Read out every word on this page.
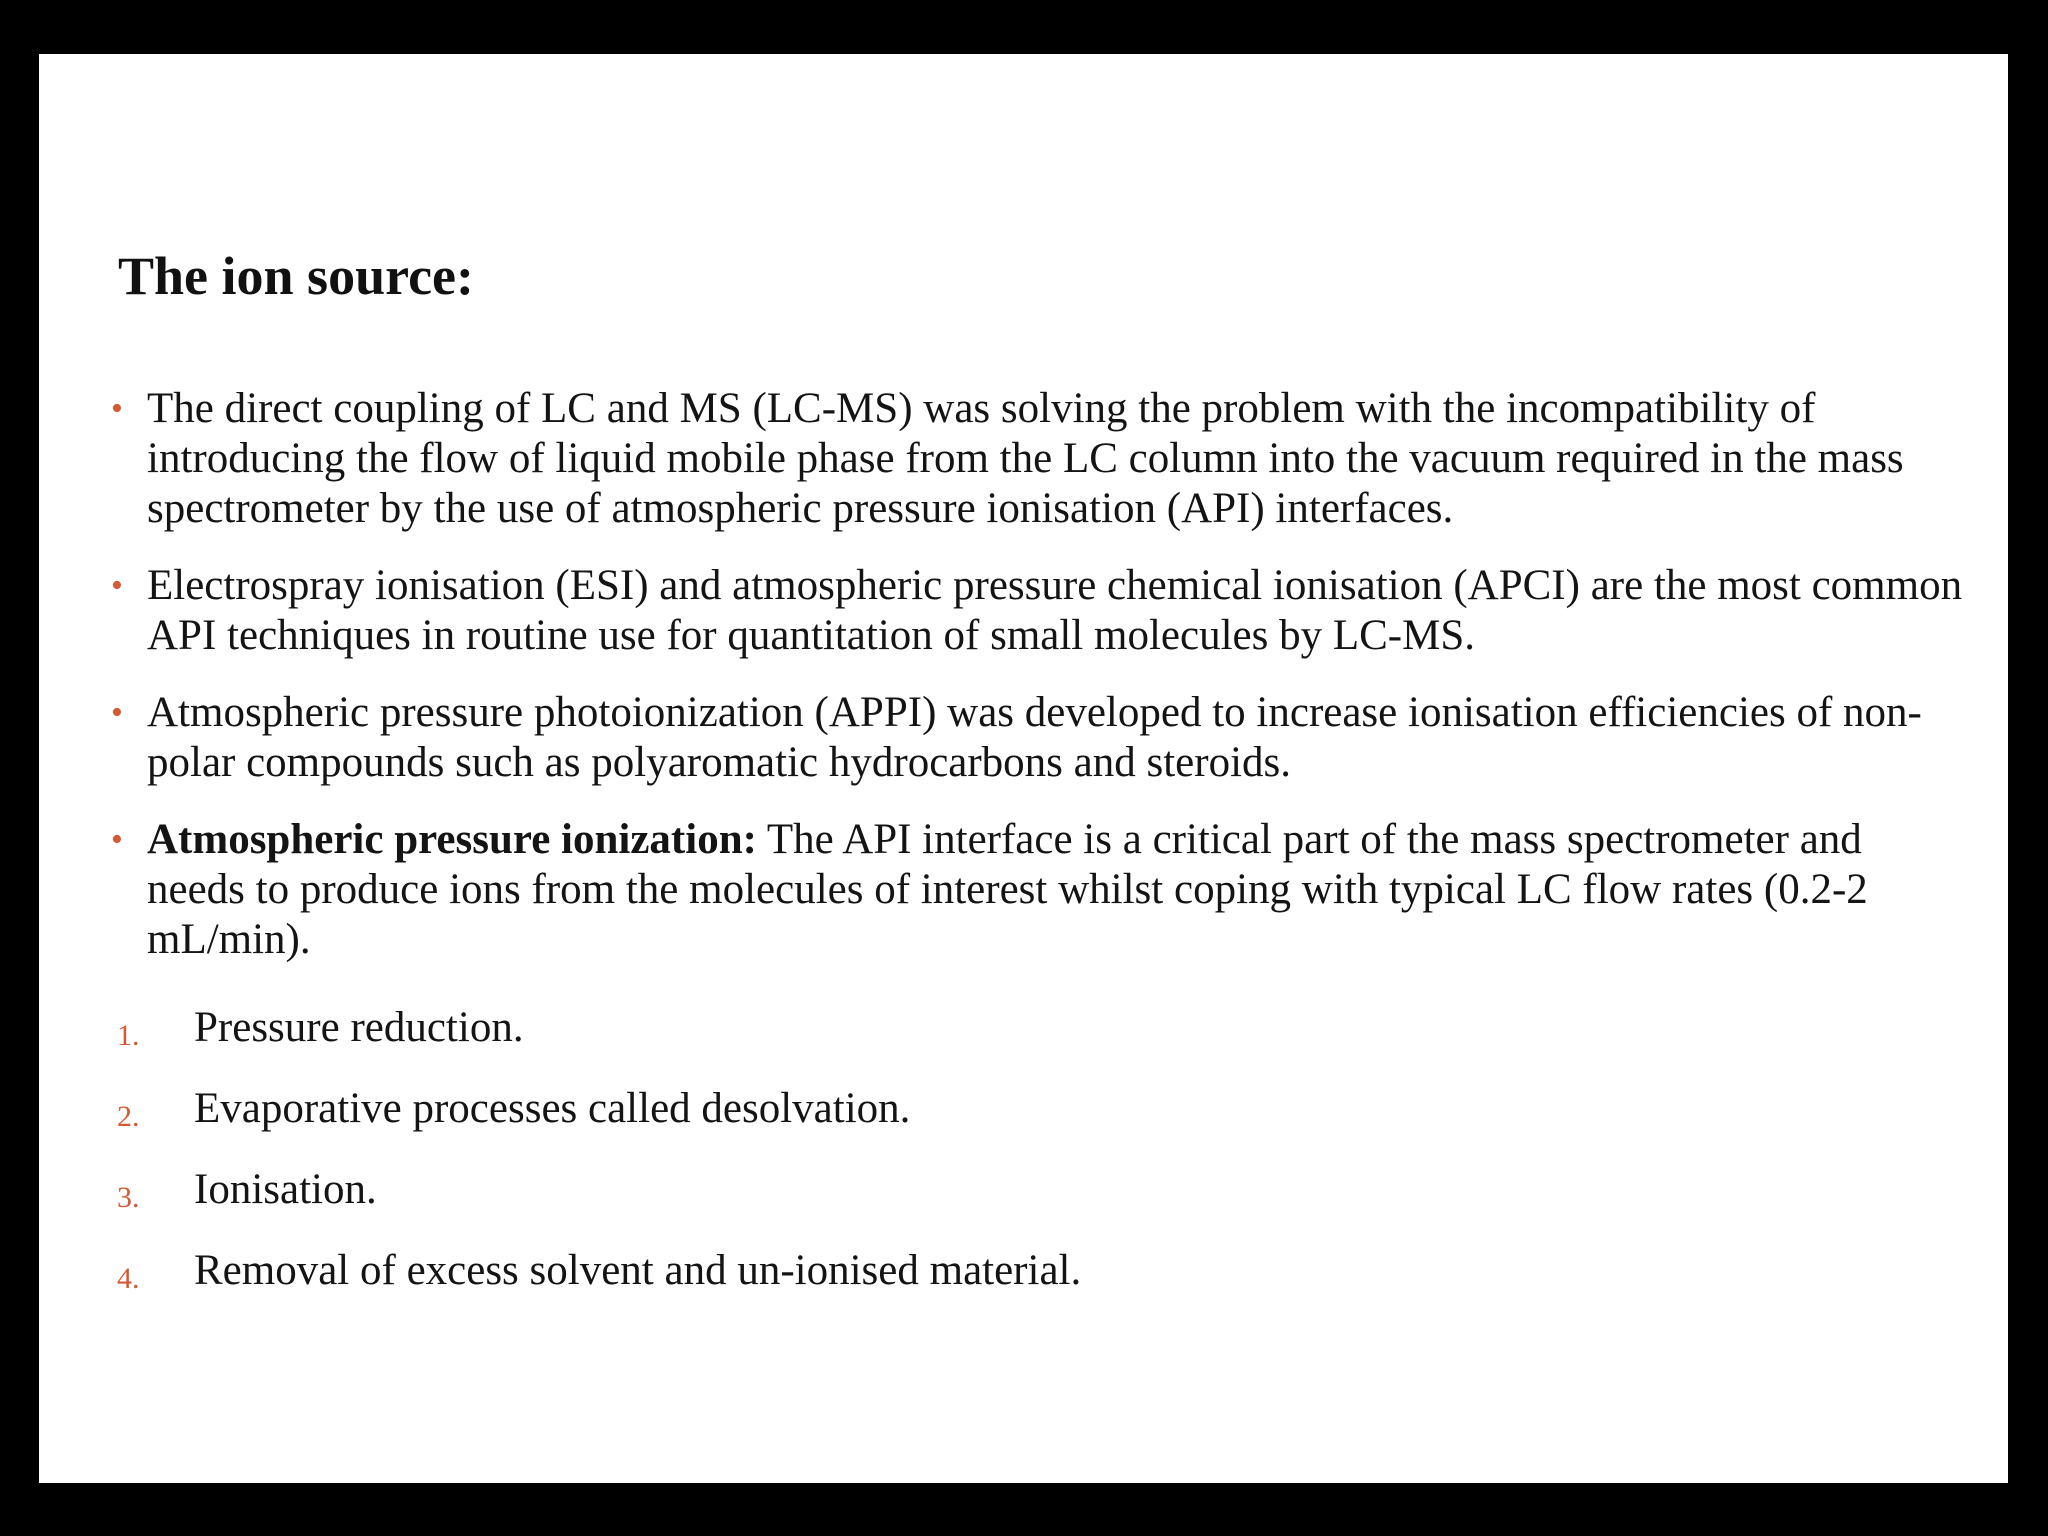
The ion source:
• The direct coupling of LC and MS (LC-MS) was solving the problem with the incompatibility of introducing the flow of liquid mobile phase from the LC column into the vacuum required in the mass spectrometer by the use of atmospheric pressure ionisation (API) interfaces.
• Electrospray ionisation (ESI) and atmospheric pressure chemical ionisation (APCI) are the most common API techniques in routine use for quantitation of small molecules by LC-MS.
• Atmospheric pressure photoionization (APPI) was developed to increase ionisation efficiencies of non-polar compounds such as polyaromatic hydrocarbons and steroids.
• Atmospheric pressure ionization: The API interface is a critical part of the mass spectrometer and needs to produce ions from the molecules of interest whilst coping with typical LC flow rates (0.2-2 mL/min).
1. Pressure reduction.
2. Evaporative processes called desolvation.
3. Ionisation.
4. Removal of excess solvent and un-ionised material.
